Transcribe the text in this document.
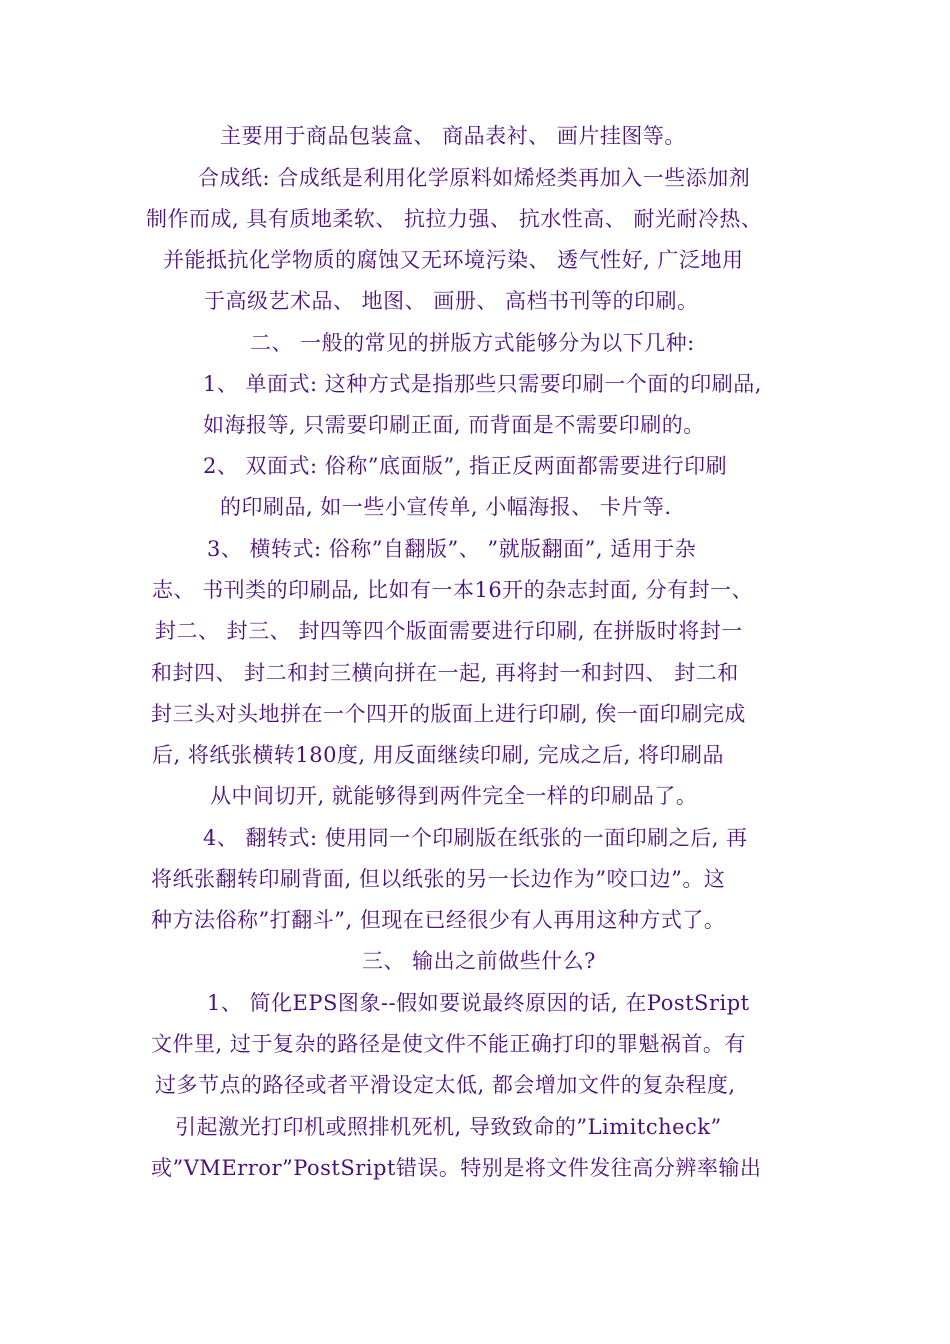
主要用于商品包装盒、 商品表衬、 画片挂图等。
合成纸: 合成纸是利用化学原料如烯烃类再加入一些添加剂
制作而成, 具有质地柔软、 抗拉力强、 抗水性高、 耐光耐冷热、
并能抵抗化学物质的腐蚀又无环境污染、 透气性好, 广泛地用
于高级艺术品、 地图、 画册、 高档书刊等的印刷。
二、 一般的常见的拼版方式能够分为以下几种:
1、 单面式: 这种方式是指那些只需要印刷一个面的印刷品,
如海报等, 只需要印刷正面, 而背面是不需要印刷的。
2、 双面式: 俗称”底面版”, 指正反两面都需要进行印刷
的印刷品, 如一些小宣传单, 小幅海报、 卡片等.
3、 横转式: 俗称”自翻版”、 ”就版翻面”, 适用于杂
志、 书刊类的印刷品, 比如有一本16开的杂志封面, 分有封一、
封二、 封三、 封四等四个版面需要进行印刷, 在拼版时将封一
和封四、 封二和封三横向拼在一起, 再将封一和封四、 封二和
封三头对头地拼在一个四开的版面上进行印刷, 俟一面印刷完成
后, 将纸张横转180度, 用反面继续印刷, 完成之后, 将印刷品
从中间切开, 就能够得到两件完全一样的印刷品了。
4、 翻转式: 使用同一个印刷版在纸张的一面印刷之后, 再
将纸张翻转印刷背面, 但以纸张的另一长边作为”咬口边”。这
种方法俗称”打翻斗”, 但现在已经很少有人再用这种方式了。
三、 输出之前做些什么?
1、 简化EPS图象--假如要说最终原因的话, 在PostSript
文件里, 过于复杂的路径是使文件不能正确打印的罪魁祸首。有
过多节点的路径或者平滑设定太低, 都会增加文件的复杂程度,
引起激光打印机或照排机死机, 导致致命的”Limitcheck”
或”VMError”PostSript错误。特别是将文件发往高分辨率输出
